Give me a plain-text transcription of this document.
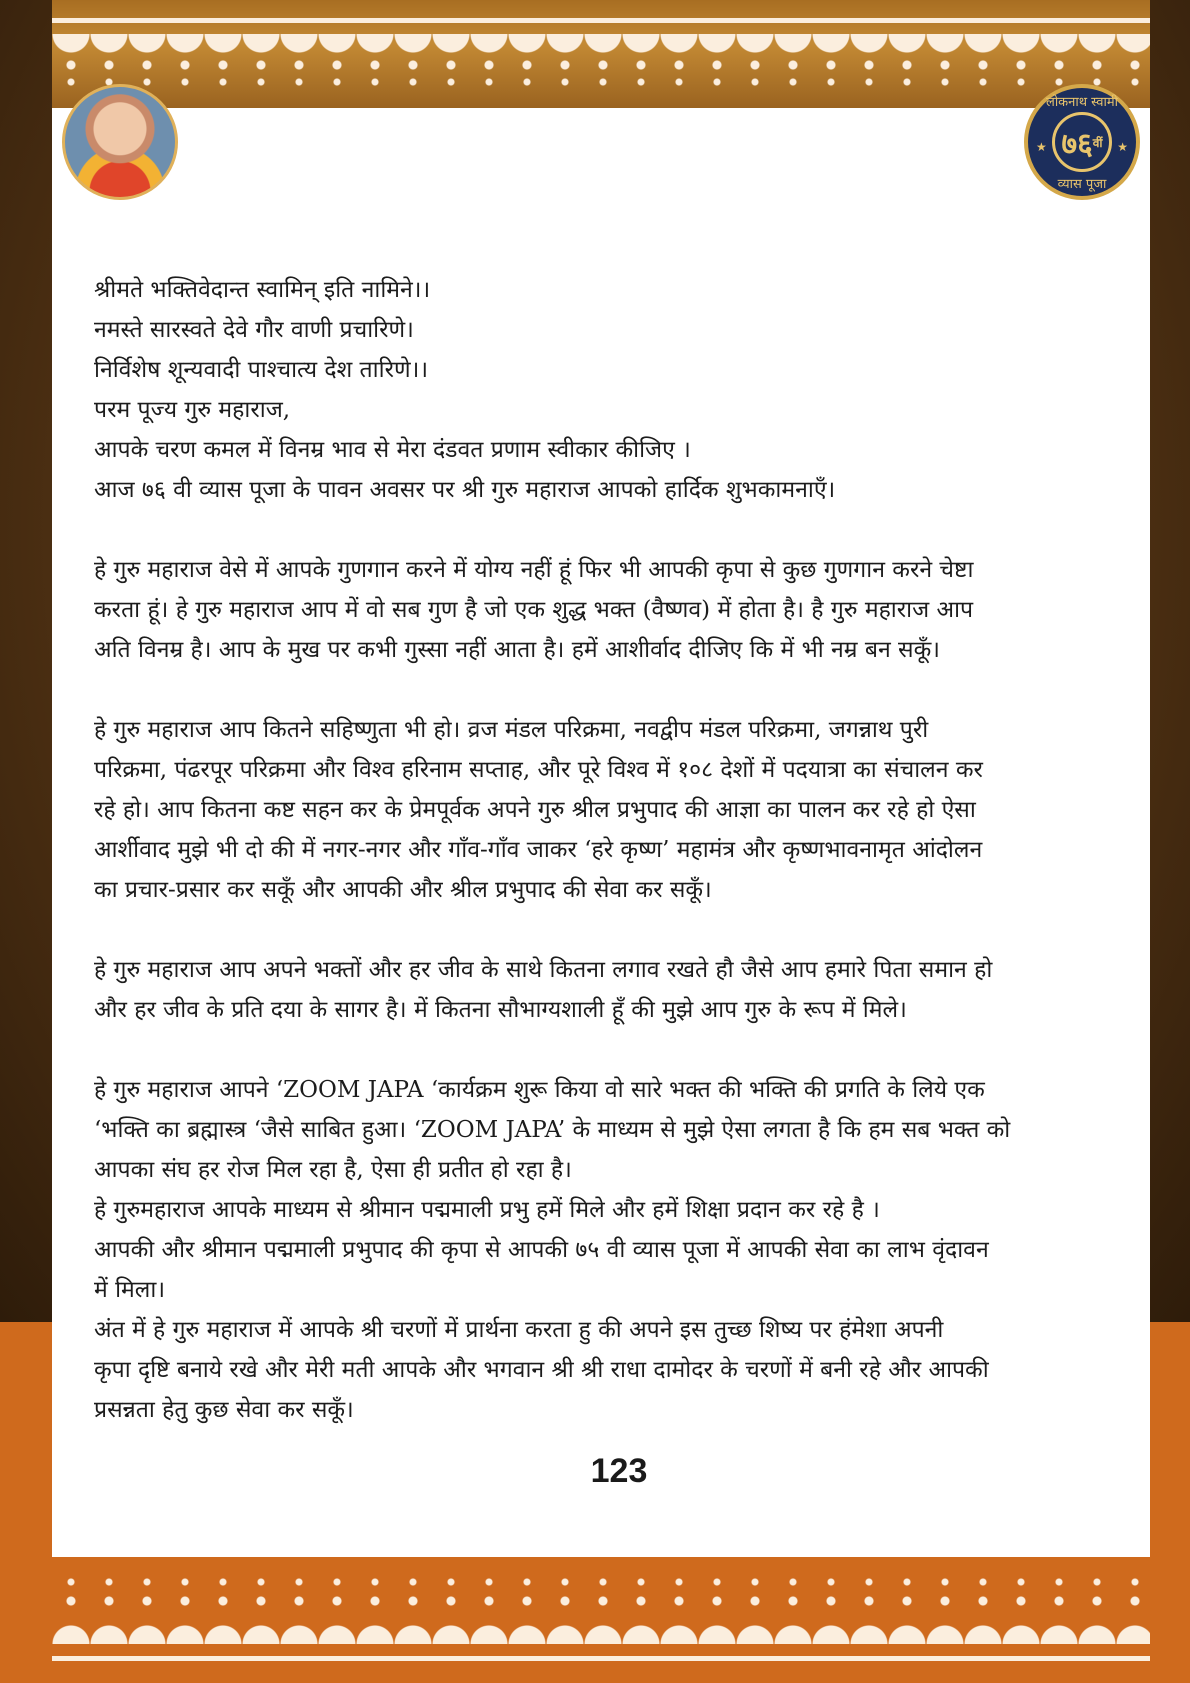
लोकनाथ स्वामी
७६ वीं
व्यास पूजा
★	★

श्रीमते भक्तिवेदान्त स्वामिन् इति नामिने।।

नमस्ते सारस्वते देवे गौर वाणी प्रचारिणे।

निर्विशेष शून्यवादी पाश्चात्य देश तारिणे।।

परम पूज्य गुरु महाराज,

आपके चरण कमल में विनम्र भाव से मेरा दंडवत प्रणाम स्वीकार कीजिए ।

आज ७६ वी व्यास पूजा के पावन अवसर पर श्री गुरु महाराज आपको हार्दिक शुभकामनाएँ।

हे गुरु महाराज वेसे में आपके गुणगान करने में योग्य नहीं हूं फिर भी आपकी कृपा से कुछ गुणगान करने चेष्टा

करता हूं। हे गुरु महाराज आप में वो सब गुण है जो एक शुद्ध भक्त (वैष्णव) में होता है। है गुरु महाराज आप

अति विनम्र है। आप के मुख पर कभी गुस्सा नहीं आता है। हमें आशीर्वाद दीजिए कि में भी नम्र बन सकूँ।

हे गुरु महाराज आप कितने सहिष्णुता भी हो। व्रज मंडल परिक्रमा, नवद्वीप मंडल परिक्रमा, जगन्नाथ पुरी

परिक्रमा, पंढरपूर परिक्रमा और विश्व हरिनाम सप्ताह, और पूरे विश्व में १०८ देशों में पदयात्रा का संचालन कर

रहे हो। आप कितना कष्ट सहन कर के प्रेमपूर्वक अपने गुरु श्रील प्रभुपाद की आज्ञा का पालन कर रहे हो ऐसा

आर्शीवाद मुझे भी दो की में नगर-नगर और गाँव-गाँव जाकर ‘हरे कृष्ण’ महामंत्र और कृष्णभावनामृत आंदोलन

का प्रचार-प्रसार कर सकूँ और आपकी और श्रील प्रभुपाद की सेवा कर सकूँ।

हे गुरु महाराज आप अपने भक्तों और हर जीव के साथे कितना लगाव रखते हौ जैसे आप हमारे पिता समान हो

और हर जीव के प्रति दया के सागर है। में कितना सौभाग्यशाली हूँ की मुझे आप गुरु के रूप में मिले।

हे गुरु महाराज आपने ‘ZOOM JAPA ‘कार्यक्रम शुरू किया वो सारे भक्त की भक्ति की प्रगति के लिये एक

‘भक्ति का ब्रह्मास्त्र ‘जैसे साबित हुआ। ‘ZOOM JAPA’ के माध्यम से मुझे ऐसा लगता है कि हम सब भक्त को

आपका संघ हर रोज मिल रहा है, ऐसा ही प्रतीत हो रहा है।

हे गुरुमहाराज आपके माध्यम से श्रीमान पद्ममाली प्रभु हमें मिले और हमें शिक्षा प्रदान कर रहे है ।

आपकी और श्रीमान पद्ममाली प्रभुपाद की कृपा से आपकी ७५ वी व्यास पूजा में आपकी सेवा का लाभ वृंदावन

में मिला।

अंत में हे गुरु महाराज में आपके श्री चरणों में प्रार्थना करता हु की अपने इस तुच्छ शिष्य पर हंमेशा अपनी

कृपा दृष्टि बनाये रखे और मेरी मती आपके और भगवान श्री श्री राधा दामोदर के चरणों में बनी रहे और आपकी

प्रसन्नता हेतु कुछ सेवा कर सकूँ।

123
